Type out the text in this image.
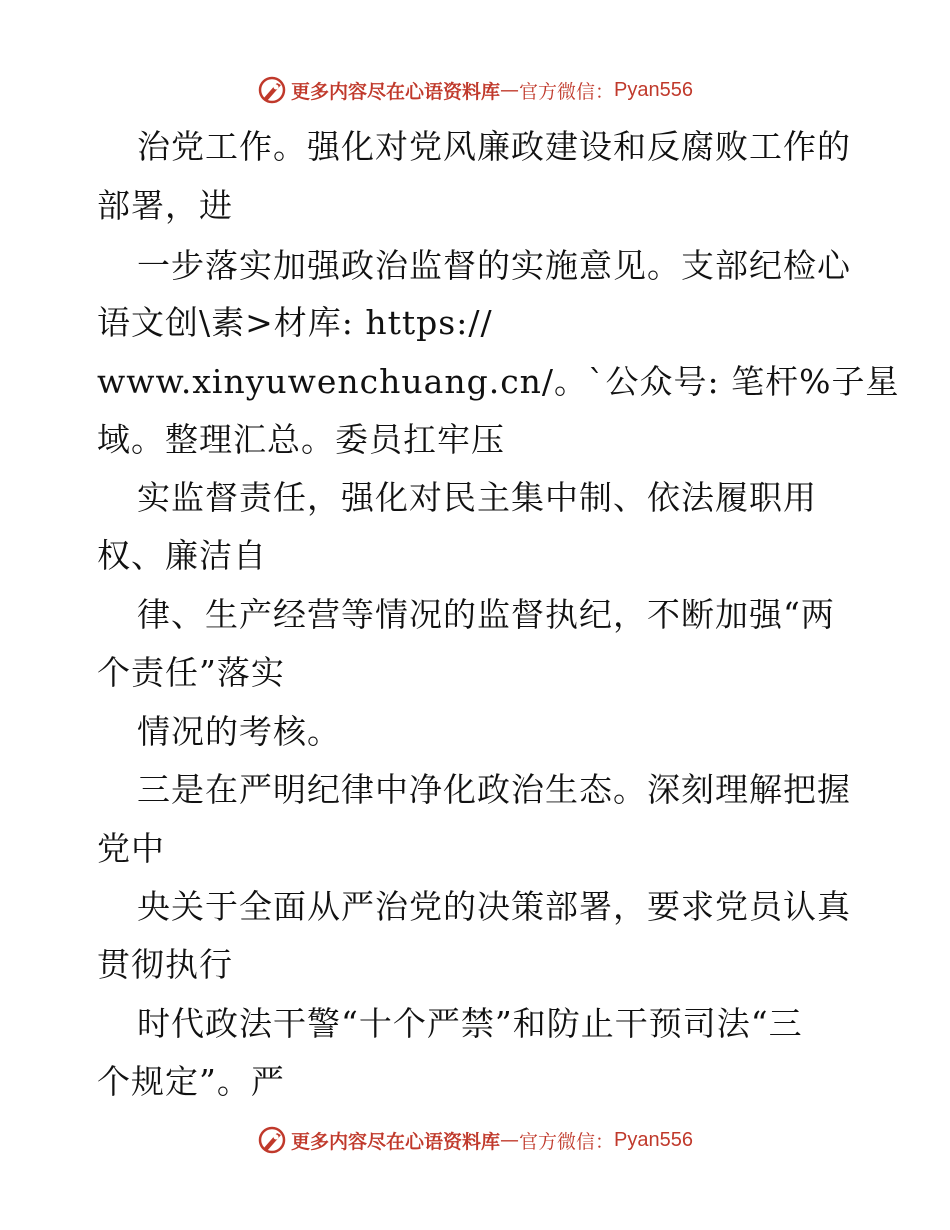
更多内容尽在心语资料库 — 官方微信： Pyan556
治党工作。强化对党风廉政建设和反腐败工作的
部署，进
一步落实加强政治监督的实施意见。支部纪检心
语文创\素>材库: https://
www.xinyuwenchuang.cn/。`公众号: 笔杆%子星
域。整理汇总。委员扛牢压
实监督责任，强化对民主集中制、依法履职用
权、廉洁自
律、生产经营等情况的监督执纪，不断加强“两
个责任”落实
情况的考核。
三是在严明纪律中净化政治生态。深刻理解把握
党中
央关于全面从严治党的决策部署，要求党员认真
贯彻执行
时代政法干警“十个严禁”和防止干预司法“三
个规定”。严
更多内容尽在心语资料库 — 官方微信： Pyan556
